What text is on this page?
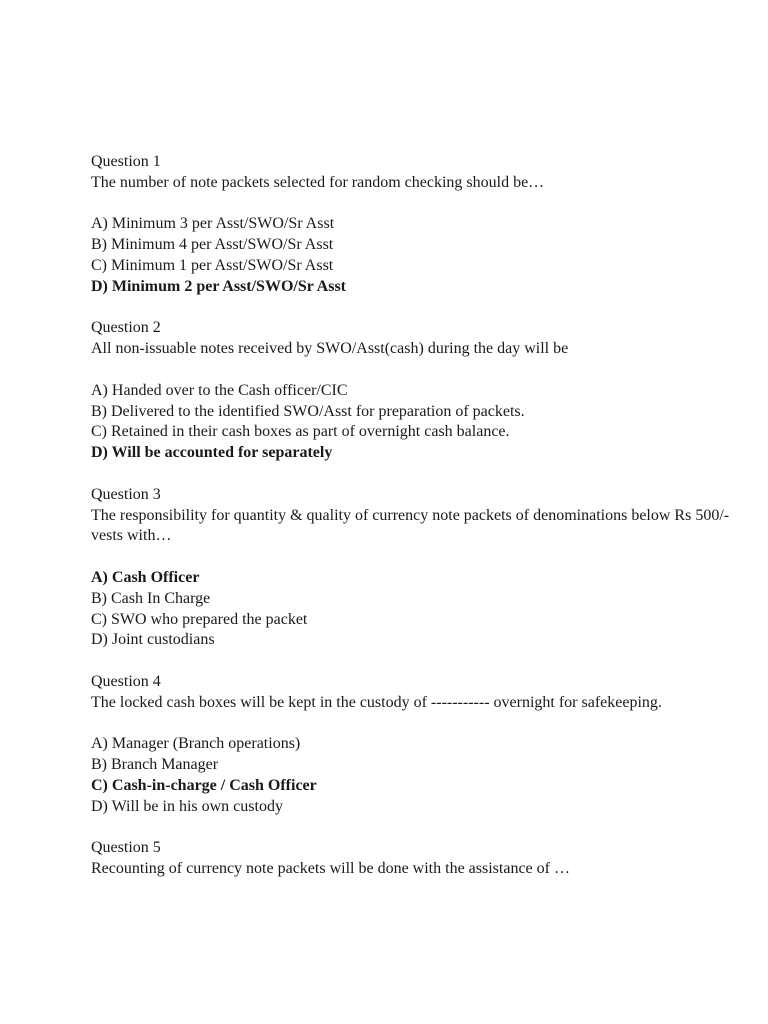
Question 1
The number of note packets selected for random checking should be…
A) Minimum 3 per Asst/SWO/Sr Asst
B) Minimum 4 per Asst/SWO/Sr Asst
C) Minimum 1 per Asst/SWO/Sr Asst
D) Minimum 2 per Asst/SWO/Sr Asst
Question 2
All non-issuable notes received by SWO/Asst(cash) during the day will be
A) Handed over to the Cash officer/CIC
B) Delivered to the identified SWO/Asst for preparation of packets.
C) Retained in their cash boxes as part of overnight cash balance.
D) Will be accounted for separately
Question 3
The responsibility for quantity & quality of currency note packets of denominations below Rs 500/- vests with…
A) Cash Officer
B) Cash In Charge
C) SWO who prepared the packet
D) Joint custodians
Question 4
The locked cash boxes will be kept in the custody of ----------- overnight for safekeeping.
A) Manager (Branch operations)
B) Branch Manager
C) Cash-in-charge / Cash Officer
D) Will be in his own custody
Question 5
Recounting of currency note packets will be done with the assistance of …
